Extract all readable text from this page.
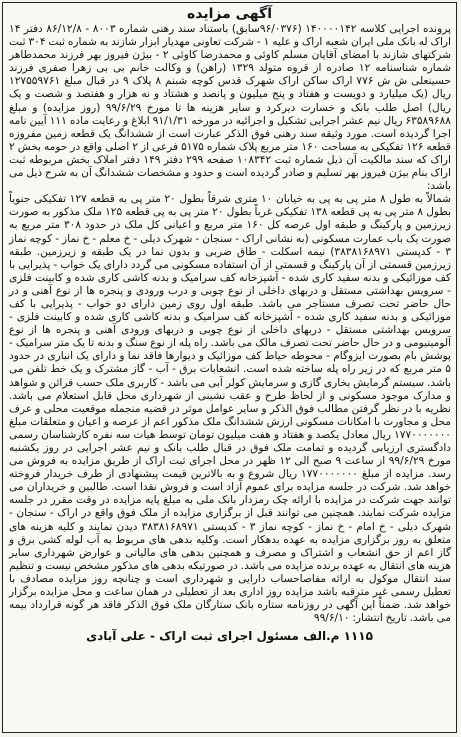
آگهی مزایده

پرونده اجرایی کلاسه ۱۴۰۰۰۰۱۴۲ (۹۶/۰۳۷۶سابق) باستناد سند رهنی شماره ۸۰۰۳ - ۸۶/۱۲/۸ دفتر ۱۴ اراک له بانک ملی ایران شعبه اراک و علیه ۱ - شرکت تعاونی مهدیار ابزار شازند به شماره ثبت ۳۰۴ ثبت شرکتهای شازند با امضای آقایان مسلم کاوئی و محمدرضا کاوئی ۲ - بیژن فیروز بهر فرزند محمدطاهر شماره شناسنامه ۱۲ صادره از قروه متولد ۱۳۲۹ (راهن) و وکالت خانم بی بی زهرا صفری فرزند حسینعلی ش ش ۷۷۶ اراک ساکن اراک شهرک قدس کوچه شبنم ۸ پلاک ۹ در قبال مبلغ ۱۲۷۵۵۹۷۶۱ ریال (یک میلیارد و دویست و هفتاد و پنج میلیون و پانصد و هشتاد و نه هزار و هفتصد و شصت و یک ریال) اصل طلب بانک و خسارت دیرکرد و سایر هزینه ها تا مورخ ۹۹/۶/۲۹ (روز مزایده) و مبلغ ۶۳۵۸۹۶۸۸ ریال نیم عشر اجرایی تشکیل و اجرائیه در مورخه ۹۱/۱/۳۱ ابلاغ و رعایت ماده ۱۱۱ آیین نامه اجرا گردیده است. مورد وثیقه سند رهنی فوق الذکر عبارت است از ششدانگ یک قطعه زمین مفروزه قطعه ۱۲۶ تفکیکی به مساحت ۱۶۰ متر مربع پلاک شماره ۵۱۷۵ فرعی از ۲ اصلی واقع در حومه بخش ۲ اراک که سند مالکیت آن ذیل شماره ثبت ۱۰۸۳۴۲ صفحه ۲۹۹ دفتر ۱۴۹ دفتر املاک بخش مربوطه ثبت اراک بنام بیژن فیروز بهر تسلیم و صادر گردیده است و حدود و مشخصات ششدانگ آن به شرح ذیل می باشد:

شمالاً به طول ۸ متر پی به پی به خیابان ۱۰ متری شرقاً بطول ۲۰ متر پی به قطعه ۱۲۷ تفکیکی جنوباً بطول ۸ متر پی به پی قطعه ۱۳۸ تفکیکی غرباً بطول ۲۰ متر پی به پی قطعه ۱۲۵ ملک مذکور به صورت زیرزمین و پارکینگ و طبقه اول عرصه کل ۱۶۰ متر مربع و اعیانی کل ملک در حدود ۳۰۸ متر مربع به صورت یک باب عمارت مسکونی (به نشانی اراک - سنجان - شهرک دیلی - خ معلم - خ نماز - کوچه نماز ۳ - کدپستی ۳۸۳۸۱۶۸۹۷۱) نیمه اسکلت - طاق ضربی و بدون نما در یک طبقه و زیرزمین. طبقه زیرزمین قسمتی از آن پارکینگ و قسمتی از آن استفاده مسکونی می گردد دارای یک خواب - پذیرایی با کف موزائیکی و بدنه سفید کاری شده - آشپزخانه کف سرامیک و بدنه کاشی کاری شده و کابینت فلزی - سرویس بهداشتی مستقل و دربهای داخلی از نوع چوبی و درب ورودی و پنجره ها از نوع آهنی و در حال حاضر تحت تصرف مستاجر می باشد. طبقه اول روی زمین دارای دو خواب - پذیرایی با کف موزائیکی و بدنه سفید کاری شده - آشپزخانه کف سرامیک و بدنه کاشی کاری شده و کابینت فلزی - سرویس بهداشتی مستقل - دربهای داخلی از نوع چوبی و دربهای ورودی آهنی و پنجره ها از نوع آلومینیومی و در حال حاضر تحت تصرف مالک می باشد. راه پله از نوع سنگ و بدنه تا یک متر سرامیک - پوشش بام بصورت ایزوگام - محوطه حیاط کف موزائیک و دیوارها فاقد نما و دارای یک انباری در حدود ۵ متر مربع که در زیر راه پله ساخته شده است. انشعابات برق - آب - گاز مشترک و یک خط تلفن می باشد. سیستم گرمایش بخاری گازی و سرمایش کولر آبی می باشد - کاربری ملک حسب قرائن و شواهد و مدارک موجود مسکونی و از لحاظ طرح و عقب نشینی از شهرداری محل قابل استعلام می باشد. نظریه با در نظر گرفتن مطالب فوق الذکر و سایر عوامل موثر در قضیه منجمله موقعیت محلی و عرف محل و مجاورت با امکانات مسکونی ارزش ششدانگ ملک مذکور اعم از عرصه و اعیان و متعلقات مبلغ ۱۷۷۰۰۰۰۰۰۰ ریال معادل یکصد و هفتاد و هفت میلیون تومان توسط هیات سه نفره کارشناسان رسمی دادگستری ارزیابی گردیده و تمامت ملک فوق در قبال طلب بانک و نیم عشر اجرایی در روز یکشنبه مورخ ۹۹/۶/۲۹ از ساعت ۹ صبح الی ۱۲ ظهر در محل اجرای ثبت اراک از طریق مزایده به فروش می رسد. مزایده از مبلغ ۱۷۷۰۰۰۰۰۰۰ ریال شروع و به بالاترین قیمت پیشنهادی از طرف خریدار فروخته خواهد شد. شرکت در جلسه مزایده برای عموم آزاد است و فروش نقدا است. طالبین و خریداران می توانند جهت شرکت در مزایده با ارائه چک رمزدار بانک ملی به مبلغ پایه مزایده در وقت مقرر در جلسه مزایده شرکت نمایند. همچنین می توانند قبل از برگزاری مزایده از ملک فوق واقع در اراک - سنجان - شهرک دیلی - خ امام - خ نماز - کوچه نماز ۳ - کدپستی ۳۸۳۸۱۶۸۹۷۱ دیدن نمایند و کلیه هزینه های متعلق به روز برگزاری مزایده به عهده بدهکار است. وکلیه بدهی های مربوط به آب لوله کشی برق و گاز اعم از حق انشعاب و اشتراک و مصرف و همچنین بدهی های مالیاتی و عوارض شهرداری سایر هزینه های انتقال به عهده برنده مزایده می باشد. در صورتیکه بدهی های مذکور مشخص نیست و تنظیم سند انتقال موکول به ارائه مفاصاحساب دارایی و شهرداری است و چنانچه روز مزایده مصادف با تعطیل رسمی غیر مترقبه باشد مزایده روز اداری بعد از تعطیلی در همان ساعت و محل مزایده برگزار خواهد شد. ضمناً این آگهی در روزنامه ستاره بانک ستارگان ملک فوق الذکر فاقد هر گونه قرارداد بیمه می باشد. تاریخ انتشار: ۹۹/۶/۱۰

۱۱۱۵ م.الف مسئول اجرای ثبت اراک - علی آبادی
